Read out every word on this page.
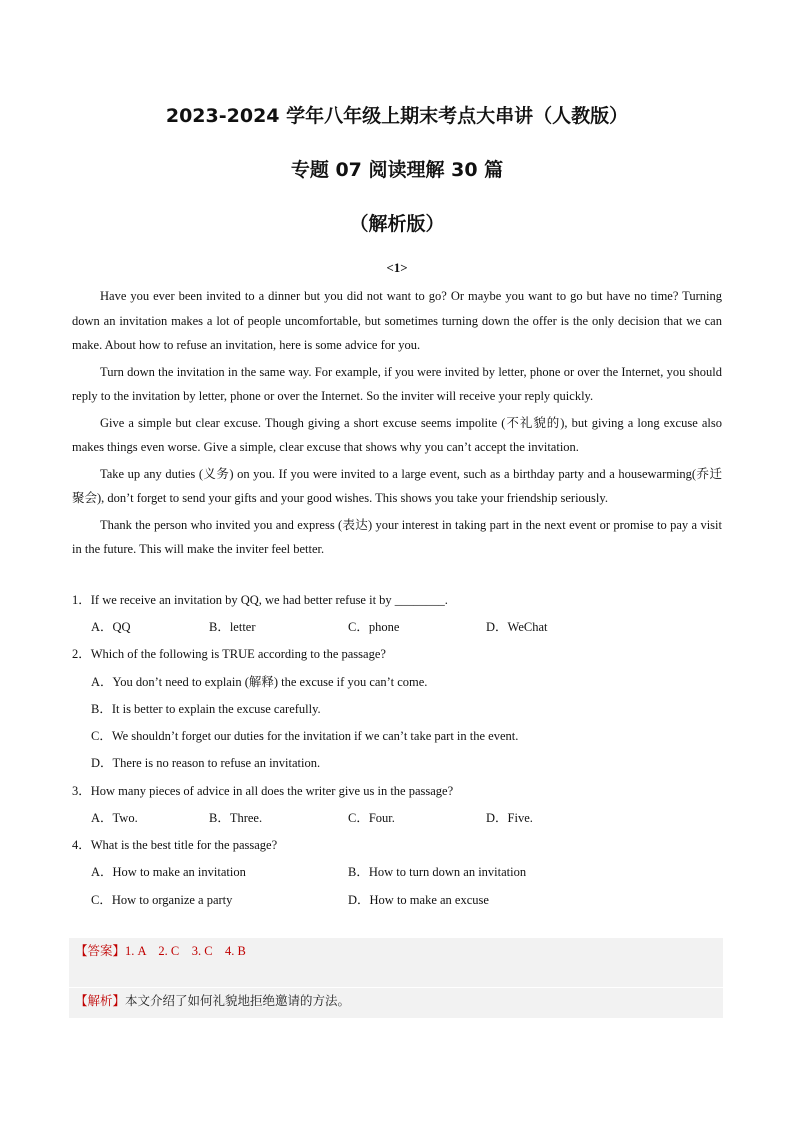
2023-2024 学年八年级上期末考点大串讲（人教版）
专题 07 阅读理解 30 篇
（解析版）
<1>

Have you ever been invited to a dinner but you did not want to go? Or maybe you want to go but have no time? Turning down an invitation makes a lot of people uncomfortable, but sometimes turning down the offer is the only decision that we can make. About how to refuse an invitation, here is some advice for you.

Turn down the invitation in the same way. For example, if you were invited by letter, phone or over the Internet, you should reply to the invitation by letter, phone or over the Internet. So the inviter will receive your reply quickly.

Give a simple but clear excuse. Though giving a short excuse seems impolite (不礼貌的), but giving a long excuse also makes things even worse. Give a simple, clear excuse that shows why you can’t accept the invitation.

Take up any duties (义务) on you. If you were invited to a large event, such as a birthday party and a housewarming(乔迁聚会), don’t forget to send your gifts and your good wishes. This shows you take your friendship seriously.

Thank the person who invited you and express (表达) your interest in taking part in the next event or promise to pay a visit in the future. This will make the inviter feel better.

1．If we receive an invitation by QQ, we had better refuse it by ________.
A．QQ	B．letter	C．phone	D．WeChat
2．Which of the following is TRUE according to the passage?
A．You don’t need to explain (解释) the excuse if you can’t come.
B．It is better to explain the excuse carefully.
C．We shouldn’t forget our duties for the invitation if we can’t take part in the event.
D．There is no reason to refuse an invitation.
3．How many pieces of advice in all does the writer give us in the passage?
A．Two.	B．Three.	C．Four.	D．Five.
4．What is the best title for the passage?
A．How to make an invitation	B．How to turn down an invitation
C．How to organize a party	D．How to make an excuse
【答案】1. A    2. C    3. C    4. B
【解析】本文介绍了如何礼貌地拒绝邀请的方法。
